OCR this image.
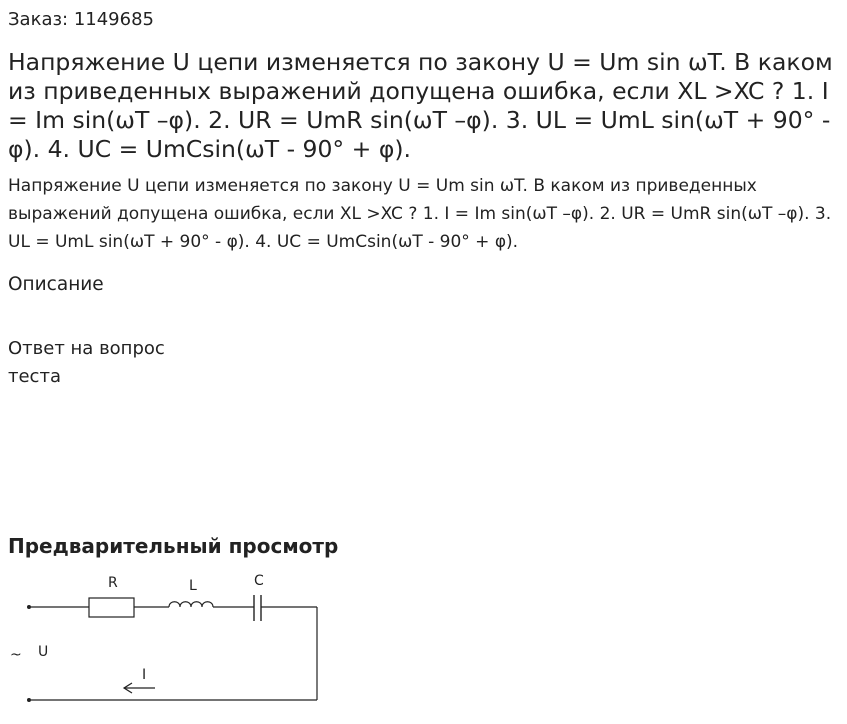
Заказ: 1149685
Напряжение U цепи изменяется по закону U = Um sin ωT. В каком из приведенных выражений допущена ошибка, если XL >XC ? 1. I = Im sin(ωT –φ). 2. UR = UmR sin(ωT –φ). 3. UL = UmL sin(ωT + 90° - φ). 4. UC = UmCsin(ωT - 90° + φ).

Напряжение U цепи изменяется по закону U = Um sin ωT. В каком из приведенных выражений допущена ошибка, если XL >XC ? 1. I = Im sin(ωT –φ). 2. UR = UmR sin(ωT –φ). 3. UL = UmL sin(ωT + 90° - φ). 4. UC = UmCsin(ωT - 90° + φ).

Описание
Ответ на вопрос теста
Предварительный просмотр
R	L	C
~ U
I
